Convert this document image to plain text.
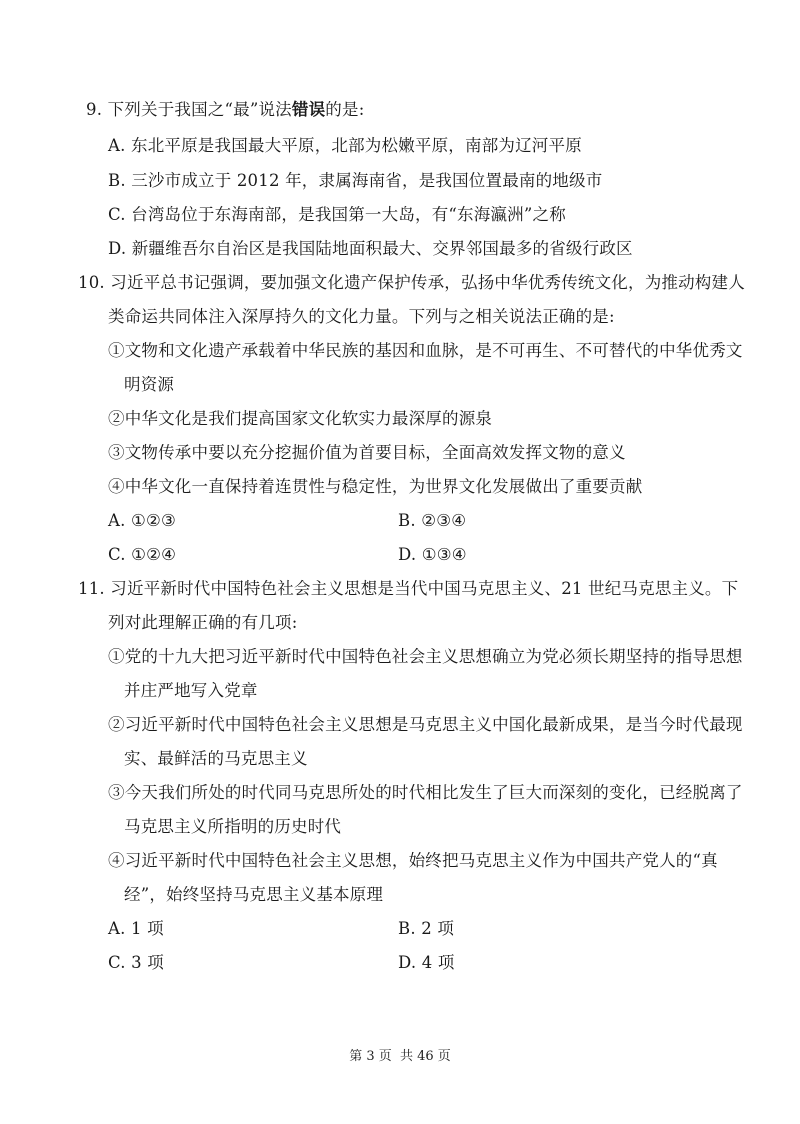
9. 下列关于我国之“最”说法错误的是:
A. 东北平原是我国最大平原，北部为松嫩平原，南部为辽河平原
B. 三沙市成立于 2012 年，隶属海南省，是我国位置最南的地级市
C. 台湾岛位于东海南部，是我国第一大岛，有“东海瀛洲”之称
D. 新疆维吾尔自治区是我国陆地面积最大、交界邻国最多的省级行政区
10. 习近平总书记强调，要加强文化遗产保护传承，弘扬中华优秀传统文化，为推动构建人
类命运共同体注入深厚持久的文化力量。下列与之相关说法正确的是:
①文物和文化遗产承载着中华民族的基因和血脉，是不可再生、不可替代的中华优秀文
明资源
②中华文化是我们提高国家文化软实力最深厚的源泉
③文物传承中要以充分挖掘价值为首要目标，全面高效发挥文物的意义
④中华文化一直保持着连贯性与稳定性，为世界文化发展做出了重要贡献
A. ①②③	B. ②③④
C. ①②④	D. ①③④
11. 习近平新时代中国特色社会主义思想是当代中国马克思主义、21 世纪马克思主义。下
列对此理解正确的有几项:
①党的十九大把习近平新时代中国特色社会主义思想确立为党必须长期坚持的指导思想
并庄严地写入党章
②习近平新时代中国特色社会主义思想是马克思主义中国化最新成果，是当今时代最现
实、最鲜活的马克思主义
③今天我们所处的时代同马克思所处的时代相比发生了巨大而深刻的变化，已经脱离了
马克思主义所指明的历史时代
④习近平新时代中国特色社会主义思想，始终把马克思主义作为中国共产党人的“真
经”，始终坚持马克思主义基本原理
A. 1 项	B. 2 项
C. 3 项	D. 4 项
第 3 页 共 46 页
